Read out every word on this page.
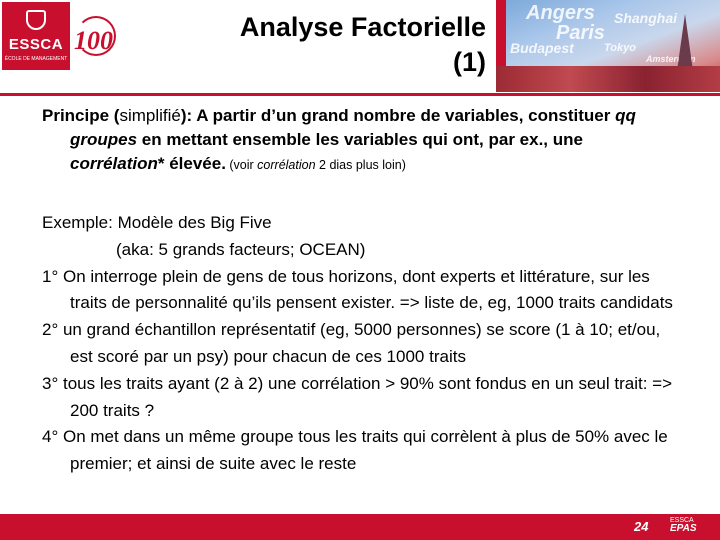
ESSCA
ÉCOLE DE MANAGEMENT
100	Analyse Factorielle
(1)
Angers Shanghai
Paris
Budapest	Tokyo
Amsterdam
Principe (simplifié): A partir d’un grand nombre de variables, constituer qq groupes en mettant ensemble les variables qui ont, par ex., une corrélation* élevée. (voir corrélation 2 dias plus loin)

Exemple: Modèle des Big Five

(aka: 5 grands facteurs; OCEAN)

1° On interroge plein de gens de tous horizons, dont experts et littérature, sur les traits de personnalité qu’ils pensent exister. => liste de, eg, 1000 traits candidats

2° un grand échantillon représentatif (eg, 5000 personnes) se score (1 à 10; et/ou, est scoré par un psy) pour chacun de ces 1000 traits

3° tous les traits ayant (2 à 2) une corrélation > 90% sont fondus en un seul trait: => 200 traits ?

4° On met dans un même groupe tous les traits qui corrèlent à plus de 50% avec le premier; et ainsi de suite avec le reste

24	ESSCA
EPAS
